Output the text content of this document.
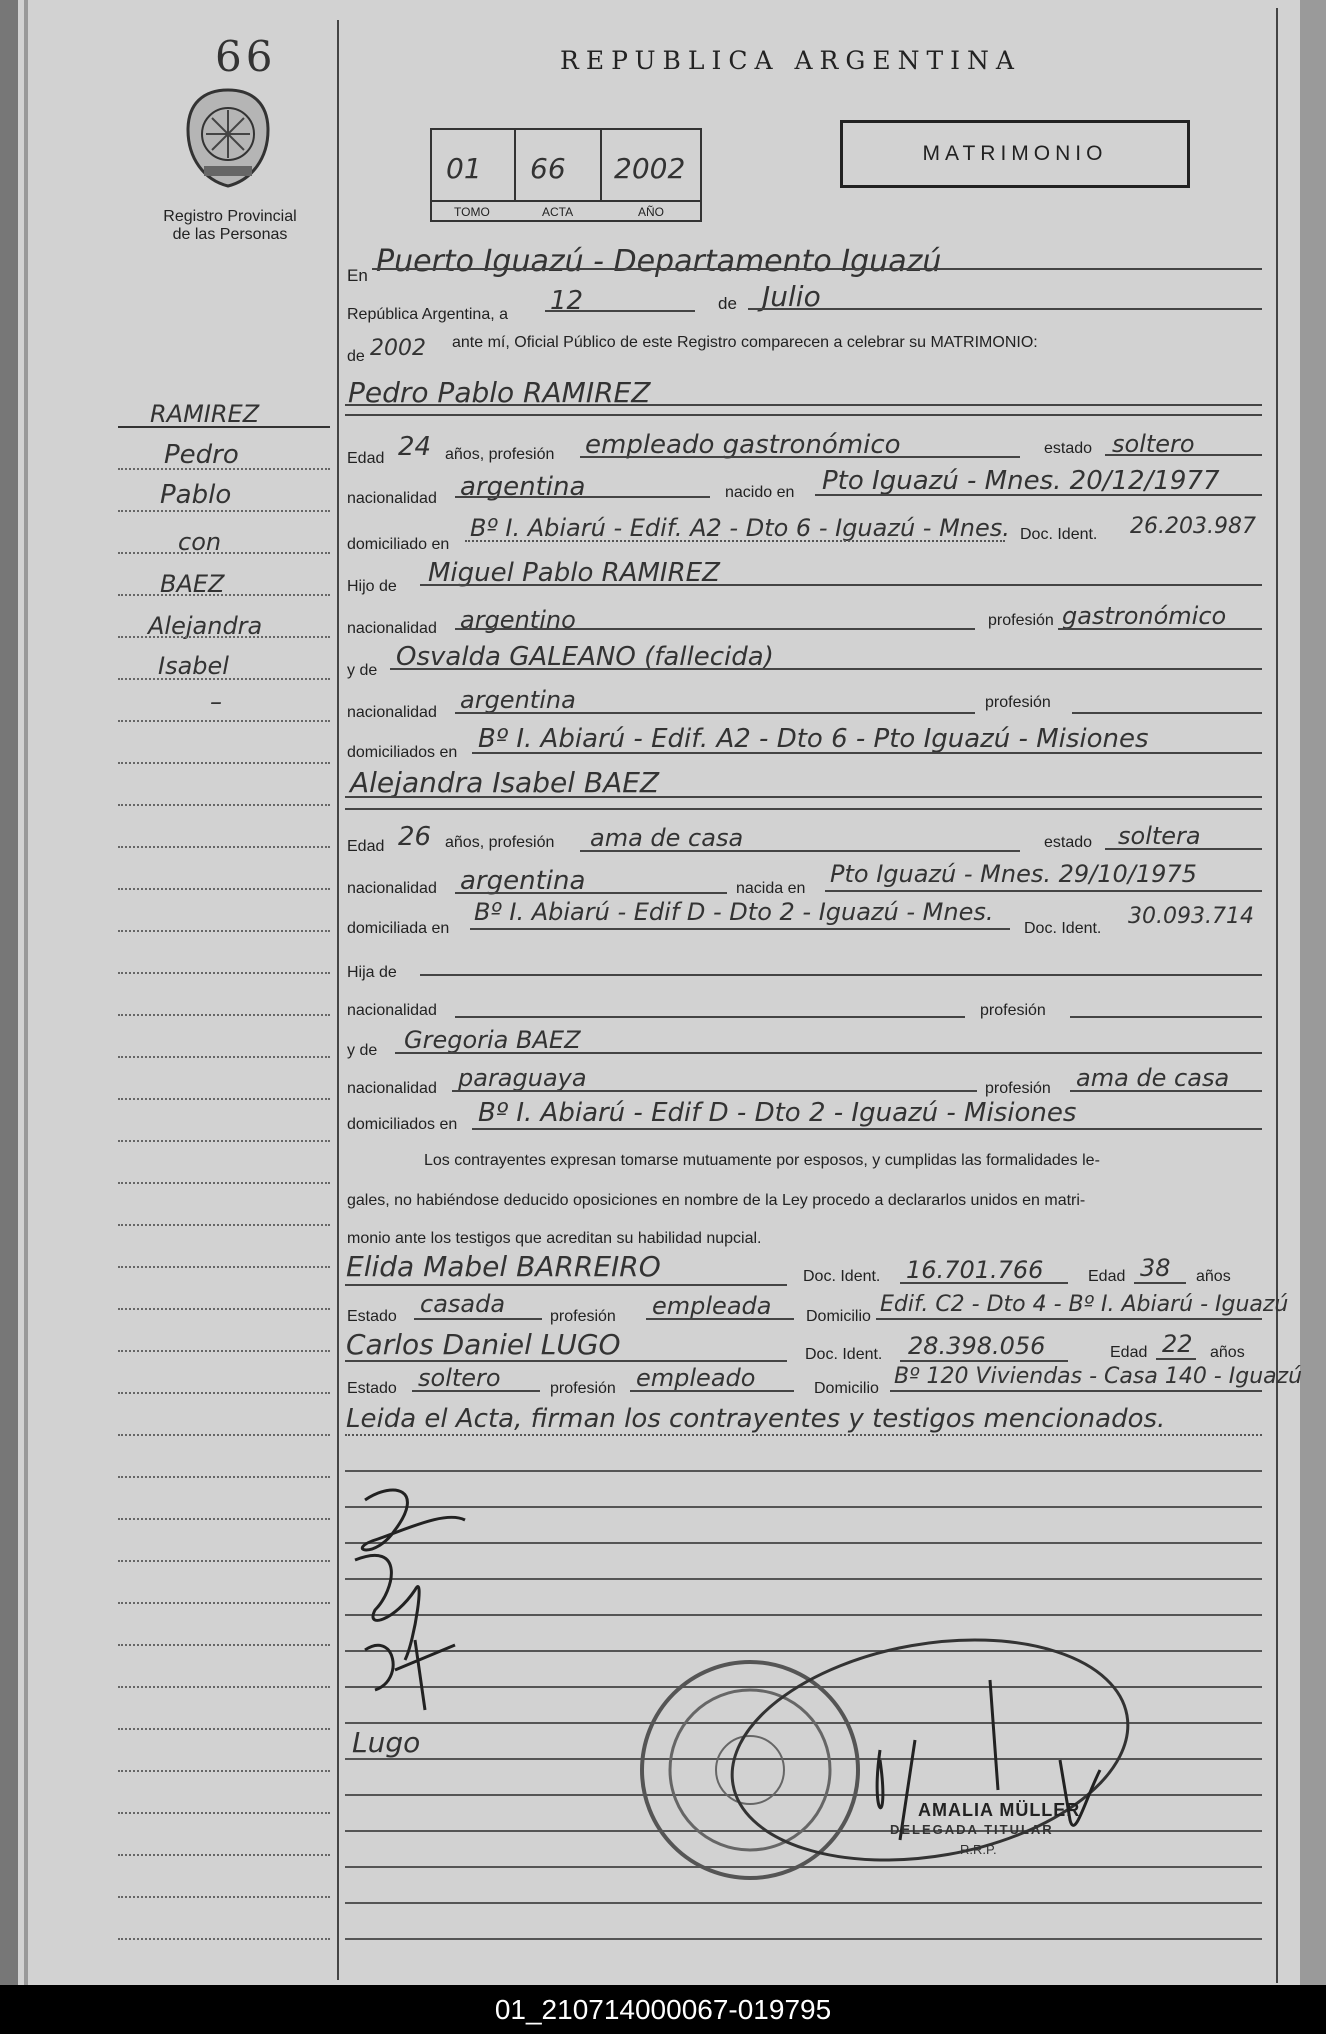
66
Registro Provincial
de las Personas
REPUBLICA ARGENTINA
01 66 2002
TOMO	ACTA	AÑO
MATRIMONIO
RAMIREZ
Pedro
Pablo
con
BAEZ
Alejandra
Isabel
–
En Puerto Iguazú - Departamento Iguazú
República Argentina, a 12	de Julio
de 2002 ante mí, Oficial Público de este Registro comparecen a celebrar su MATRIMONIO:
Pedro Pablo RAMIREZ
Edad 24 años, profesión empleado gastronómico	estado soltero
nacionalidad argentina	nacido en Pto Iguazú - Mnes. 20/12/1977
domiciliado en
Bº I. Abiarú - Edif. A2 - Dto 6 - Iguazú - Mnes. Doc. Ident. 26.203.987
Hijo de Miguel Pablo RAMIREZ
nacionalidad argentino	profesión gastronómico
y de Osvalda GALEANO (fallecida)
nacionalidad argentina	profesión
domiciliados en Bº I. Abiarú - Edif. A2 - Dto 6 - Pto Iguazú - Misiones
Alejandra Isabel BAEZ
Edad 26 años, profesión ama de casa	estado soltera
nacionalidad argentina	nacida en
Pto Iguazú - Mnes. 29/10/1975
domiciliada en
Bº I. Abiarú - Edif D - Dto 2 - Iguazú - Mnes.
Doc. Ident. 30.093.714
Hija de
nacionalidad	profesión
y de Gregoria BAEZ
nacionalidad paraguaya	profesión ama de casa
domiciliados en Bº I. Abiarú - Edif D - Dto 2 - Iguazú - Misiones
Los contrayentes expresan tomarse mutuamente por esposos, y cumplidas las formalidades le-
gales, no habiéndose deducido oposiciones en nombre de la Ley procedo a declararlos unidos en matri-
monio ante los testigos que acreditan su habilidad nupcial.
Elida Mabel BARREIRO	Doc. Ident. 16.701.766	Edad 38 años
Estado casada	profesión empleada Domicilio Edif. C2 - Dto 4 - Bº I. Abiarú - Iguazú
Carlos Daniel LUGO	Doc. Ident. 28.398.056	Edad 22 años
Estado soltero	profesión empleado	Domicilio Bº 120 Viviendas - Casa 140 - Iguazú
Leida el Acta, firman los contrayentes y testigos mencionados.
Lugo
AMALIA MÜLLER
DELEGADA TITULAR
R.R.P.
01_210714000067-019795
